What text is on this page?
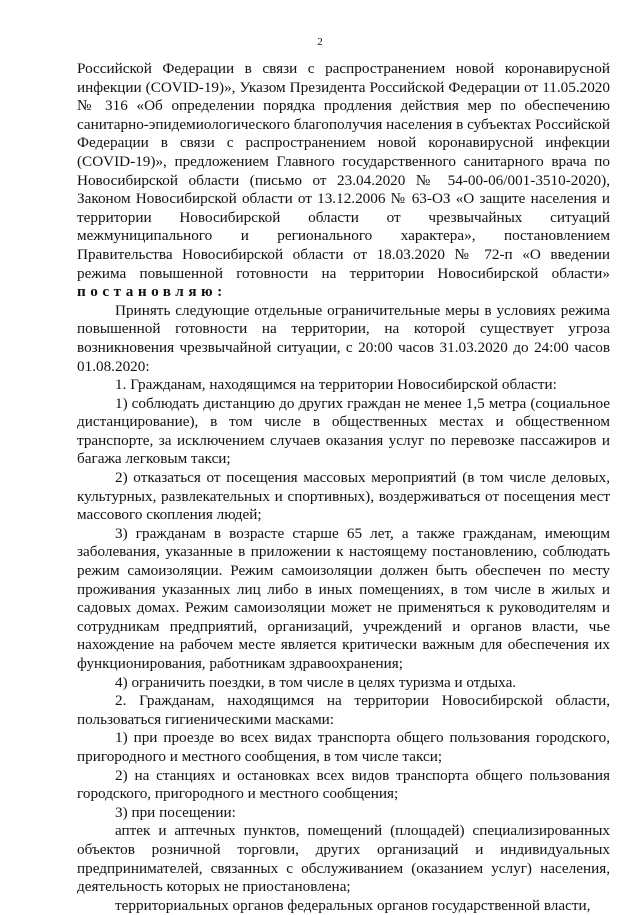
2

Российской Федерации в связи с распространением новой коронавирусной инфекции (COVID-19)», Указом Президента Российской Федерации от 11.05.2020 № 316 «Об определении порядка продления действия мер по обеспечению санитарно-эпидемиологического благополучия населения в субъектах Российской Федерации в связи с распространением новой коронавирусной инфекции (COVID-19)», предложением Главного государственного санитарного врача по Новосибирской области (письмо от 23.04.2020 № 54-00-06/001-3510-2020), Законом Новосибирской области от 13.12.2006 № 63-ОЗ «О защите населения и территории Новосибирской области от чрезвычайных ситуаций межмуниципального и регионального характера», постановлением Правительства Новосибирской области от 18.03.2020 № 72-п «О введении режима повышенной готовности на территории Новосибирской области» постановляю:

Принять следующие отдельные ограничительные меры в условиях режима повышенной готовности на территории, на которой существует угроза возникновения чрезвычайной ситуации, с 20:00 часов 31.03.2020 до 24:00 часов 01.08.2020:

1. Гражданам, находящимся на территории Новосибирской области:

1) соблюдать дистанцию до других граждан не менее 1,5 метра (социальное дистанцирование), в том числе в общественных местах и общественном транспорте, за исключением случаев оказания услуг по перевозке пассажиров и багажа легковым такси;

2) отказаться от посещения массовых мероприятий (в том числе деловых, культурных, развлекательных и спортивных), воздерживаться от посещения мест массового скопления людей;

3) гражданам в возрасте старше 65 лет, а также гражданам, имеющим заболевания, указанные в приложении к настоящему постановлению, соблюдать режим самоизоляции. Режим самоизоляции должен быть обеспечен по месту проживания указанных лиц либо в иных помещениях, в том числе в жилых и садовых домах. Режим самоизоляции может не применяться к руководителям и сотрудникам предприятий, организаций, учреждений и органов власти, чье нахождение на рабочем месте является критически важным для обеспечения их функционирования, работникам здравоохранения;

4) ограничить поездки, в том числе в целях туризма и отдыха.

2. Гражданам, находящимся на территории Новосибирской области, пользоваться гигиеническими масками:

1) при проезде во всех видах транспорта общего пользования городского, пригородного и местного сообщения, в том числе такси;

2) на станциях и остановках всех видов транспорта общего пользования городского, пригородного и местного сообщения;

3) при посещении:

аптек и аптечных пунктов, помещений (площадей) специализированных объектов розничной торговли, других организаций и индивидуальных предпринимателей, связанных с обслуживанием (оказанием услуг) населения, деятельность которых не приостановлена;

территориальных органов федеральных органов государственной власти,
